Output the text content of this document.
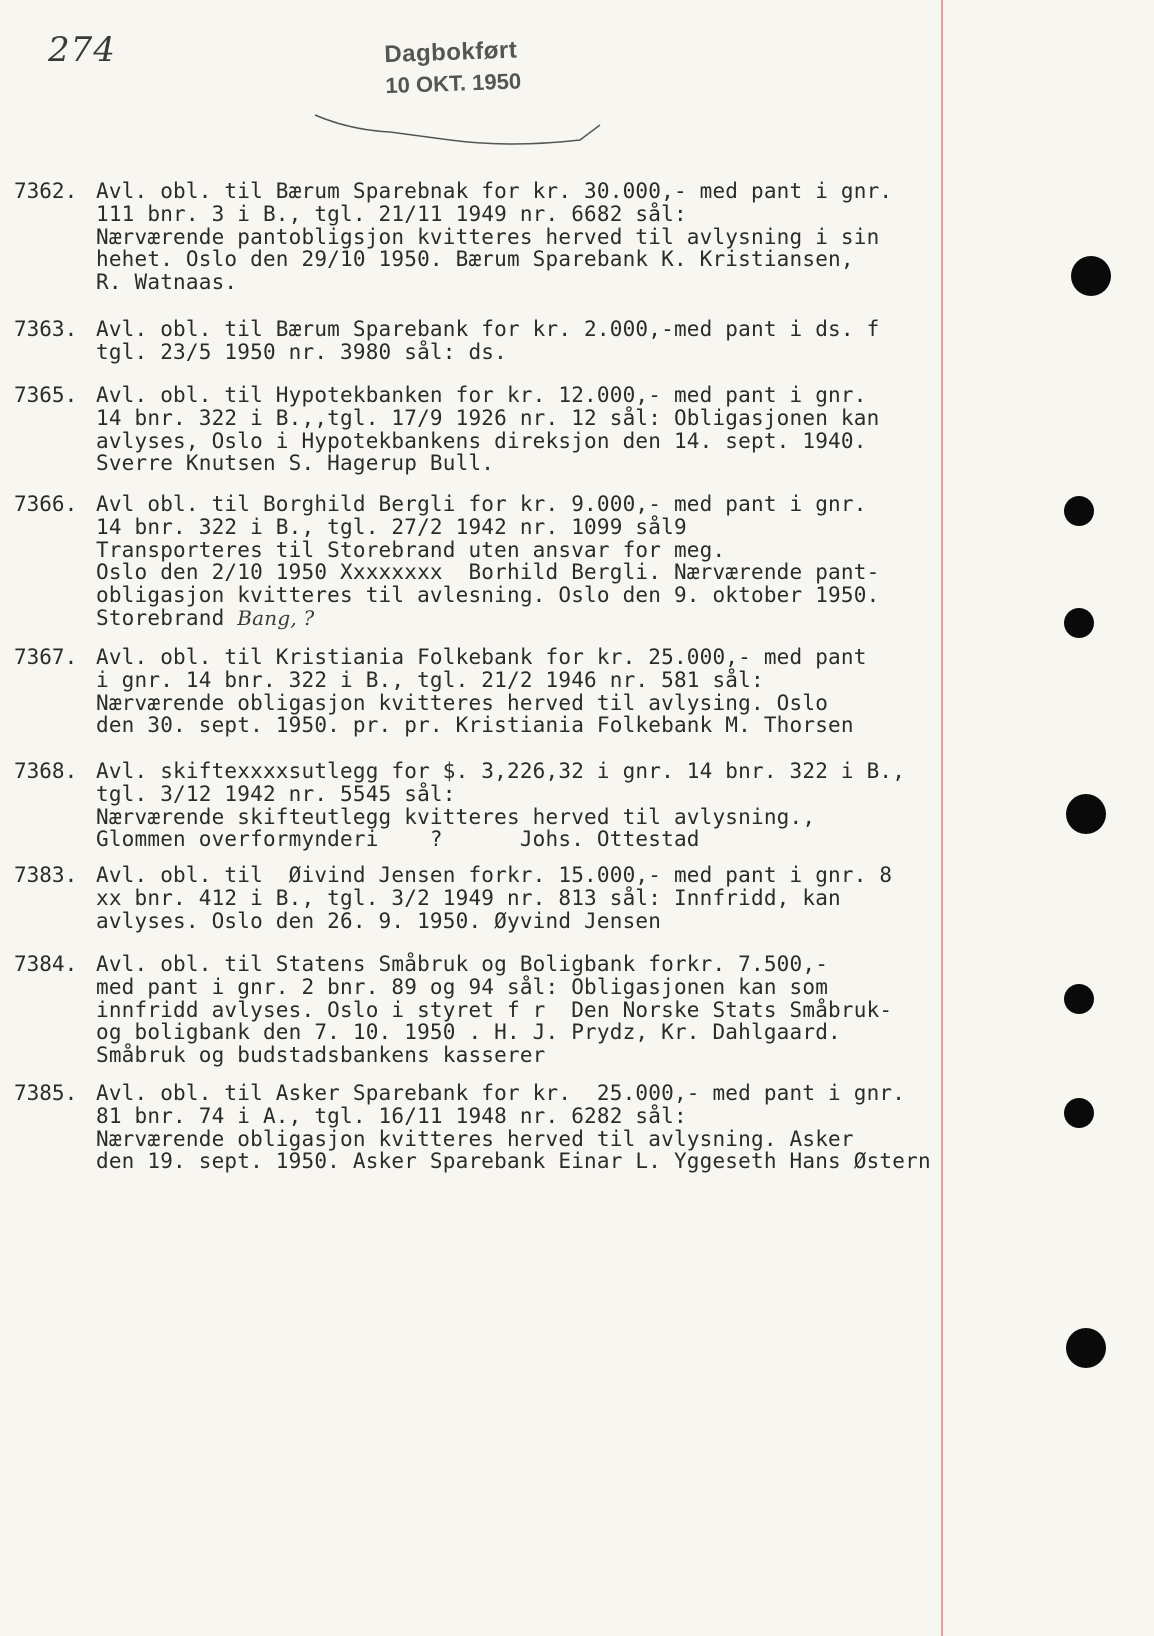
274	Dagbokført
10 OKT. 1950
7362. Avl. obl. til Bærum Sparebnak for kr. 30.000,- med pant i gnr.
111 bnr. 3 i B., tgl. 21/11 1949 nr. 6682 sål:
Nærværende pantobligsjon kvitteres herved til avlysning i sin
hehet. Oslo den 29/10 1950. Bærum Sparebank K. Kristiansen,
R. Watnaas.
7363. Avl. obl. til Bærum Sparebank for kr. 2.000,-med pant i ds. f
tgl. 23/5 1950 nr. 3980 sål: ds.
7365. Avl. obl. til Hypotekbanken for kr. 12.000,- med pant i gnr.
14 bnr. 322 i B.,,tgl. 17/9 1926 nr. 12 sål: Obligasjonen kan
avlyses, Oslo i Hypotekbankens direksjon den 14. sept. 1940.
Sverre Knutsen S. Hagerup Bull.
7366. Avl obl. til Borghild Bergli for kr. 9.000,- med pant i gnr.
14 bnr. 322 i B., tgl. 27/2 1942 nr. 1099 sål9
Transporteres til Storebrand uten ansvar for meg.
Oslo den 2/10 1950 Xxxxxxxx  Borhild Bergli. Nærværende pant-
obligasjon kvitteres til avlesning. Oslo den 9. oktober 1950.
Storebrand Bang, ?
7367. Avl. obl. til Kristiania Folkebank for kr. 25.000,- med pant
i gnr. 14 bnr. 322 i B., tgl. 21/2 1946 nr. 581 sål:
Nærværende obligasjon kvitteres herved til avlysing. Oslo
den 30. sept. 1950. pr. pr. Kristiania Folkebank M. Thorsen
7368. Avl. skiftexxxxsutlegg for $. 3,226,32 i gnr. 14 bnr. 322 i B.,
tgl. 3/12 1942 nr. 5545 sål:
Nærværende skifteutlegg kvitteres herved til avlysning.,
Glommen overformynderi    ?      Johs. Ottestad
7383. Avl. obl. til  Øivind Jensen forkr. 15.000,- med pant i gnr. 8
xx bnr. 412 i B., tgl. 3/2 1949 nr. 813 sål: Innfridd, kan
avlyses. Oslo den 26. 9. 1950. Øyvind Jensen
7384. Avl. obl. til Statens Småbruk og Boligbank forkr. 7.500,-
med pant i gnr. 2 bnr. 89 og 94 sål: Obligasjonen kan som
innfridd avlyses. Oslo i styret f r  Den Norske Stats Småbruk-
og boligbank den 7. 10. 1950 . H. J. Prydz, Kr. Dahlgaard.
Småbruk og budstadsbankens kasserer
7385. Avl. obl. til Asker Sparebank for kr.  25.000,- med pant i gnr.
81 bnr. 74 i A., tgl. 16/11 1948 nr. 6282 sål:
Nærværende obligasjon kvitteres herved til avlysning. Asker
den 19. sept. 1950. Asker Sparebank Einar L. Yggeseth Hans Østern
